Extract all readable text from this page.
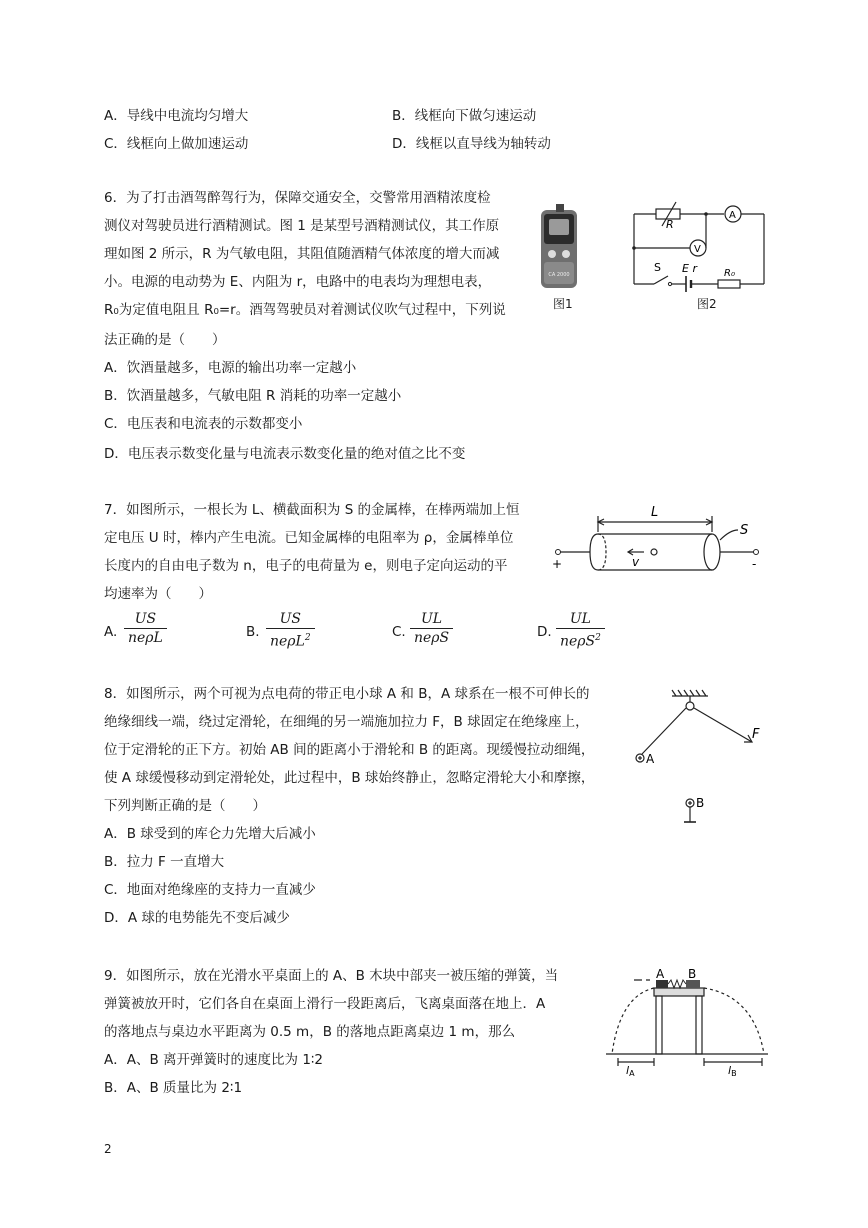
A．导线中电流均匀增大	B．线框向下做匀速运动
C．线框向上做加速运动	D．线框以直导线为轴转动
6．为了打击酒驾醉驾行为，保障交通安全，交警常用酒精浓度检
测仪对驾驶员进行酒精测试。图 1 是某型号酒精测试仪，其工作原
理如图 2 所示，R 为气敏电阻，其阻值随酒精气体浓度的增大而减
小。电源的电动势为 E、内阻为 r，电路中的电表均为理想电表，
R₀为定值电阻且 R₀=r。酒驾驾驶员对着测试仪吹气过程中，下列说
法正确的是（　　）
A．饮酒量越多，电源的输出功率一定越小
B．饮酒量越多，气敏电阻 R 消耗的功率一定越小
C．电压表和电流表的示数都变小
D．电压表示数变化量与电流表示数变化量的绝对值之比不变
CA 2000
图1
R
A
V
S E r	R₀
图2
7．如图所示，一根长为 L、横截面积为 S 的金属棒，在棒两端加上恒
定电压 U 时，棒内产生电流。已知金属棒的电阻率为 ρ，金属棒单位
长度内的自由电子数为 n，电子的电荷量为 e，则电子定向运动的平
均速率为（　　）
A.
US
neρL	B.
US
neρL$^2$	C.
UL
neρS	D.
UL
neρS$^2$
L
S
v
+	-
8．如图所示，两个可视为点电荷的带正电小球 A 和 B，A 球系在一根不可伸长的
绝缘细线一端，绕过定滑轮，在细绳的另一端施加拉力 F，B 球固定在绝缘座上，
位于定滑轮的正下方。初始 AB 间的距离小于滑轮和 B 的距离。现缓慢拉动细绳，
使 A 球缓慢移动到定滑轮处，此过程中，B 球始终静止，忽略定滑轮大小和摩擦，
下列判断正确的是（　　）
A．B 球受到的库仑力先增大后减小
B．拉力 F 一直增大
C．地面对绝缘座的支持力一直减少
D．A 球的电势能先不变后减少
F
A
B
9．如图所示，放在光滑水平桌面上的 A、B 木块中部夹一被压缩的弹簧，当
弹簧被放开时，它们各自在桌面上滑行一段距离后，飞离桌面落在地上．A
的落地点与桌边水平距离为 0.5 m，B 的落地点距离桌边 1 m，那么
A．A、B 离开弹簧时的速度比为 1∶2
B．A、B 质量比为 2∶1
A B
lA	lB
2
